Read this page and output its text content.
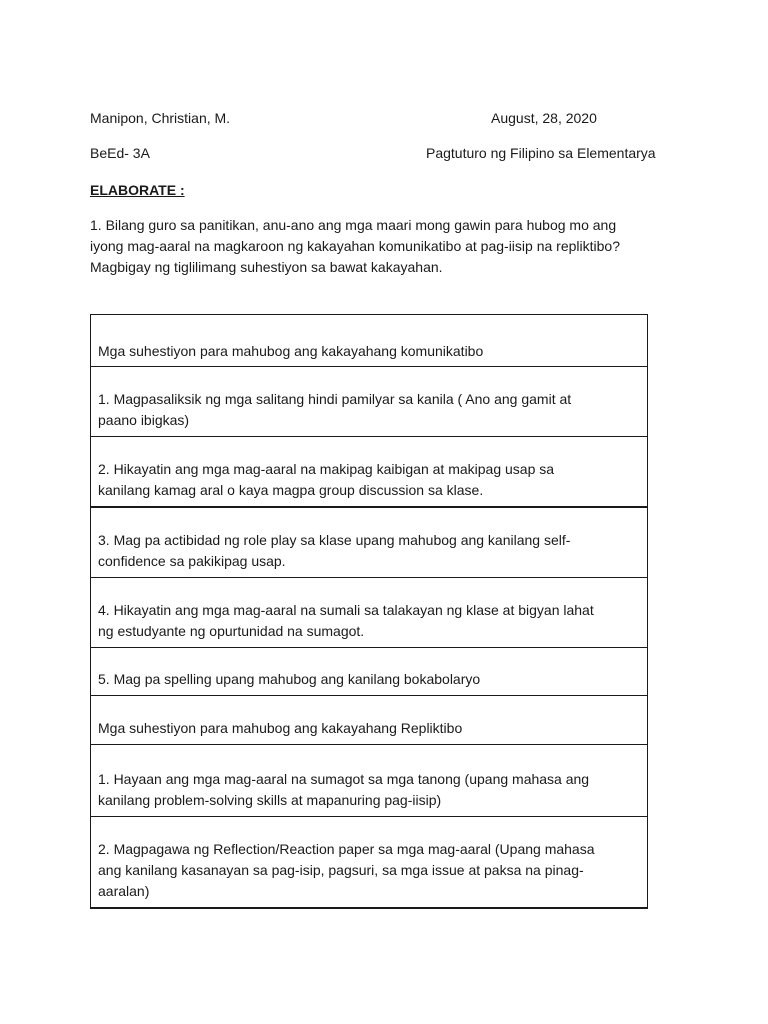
Manipon, Christian, M.	August, 28, 2020
BeEd- 3A	Pagtuturo ng Filipino sa Elementarya
ELABORATE :
1. Bilang guro sa panitikan, anu-ano ang mga maari mong gawin para hubog mo ang
iyong mag-aaral na magkaroon ng kakayahan komunikatibo at pag-iisip na repliktibo?
Magbigay ng tiglilimang suhestiyon sa bawat kakayahan.
Mga suhestiyon para mahubog ang kakayahang komunikatibo

1. Magpasaliksik ng mga salitang hindi pamilyar sa kanila ( Ano ang gamit at
paano ibigkas)

2. Hikayatin ang mga mag-aaral na makipag kaibigan at makipag usap sa
kanilang kamag aral o kaya magpa group discussion sa klase.

3. Mag pa actibidad ng role play sa klase upang mahubog ang kanilang self-
confidence sa pakikipag usap.

4. Hikayatin ang mga mag-aaral na sumali sa talakayan ng klase at bigyan lahat
ng estudyante ng opurtunidad na sumagot.

5. Mag pa spelling upang mahubog ang kanilang bokabolaryo

Mga suhestiyon para mahubog ang kakayahang Repliktibo

1. Hayaan ang mga mag-aaral na sumagot sa mga tanong (upang mahasa ang
kanilang problem-solving skills at mapanuring pag-iisip)

2. Magpagawa ng Reflection/Reaction paper sa mga mag-aaral (Upang mahasa
ang kanilang kasanayan sa pag-isip, pagsuri, sa mga issue at paksa na pinag-
aaralan)
